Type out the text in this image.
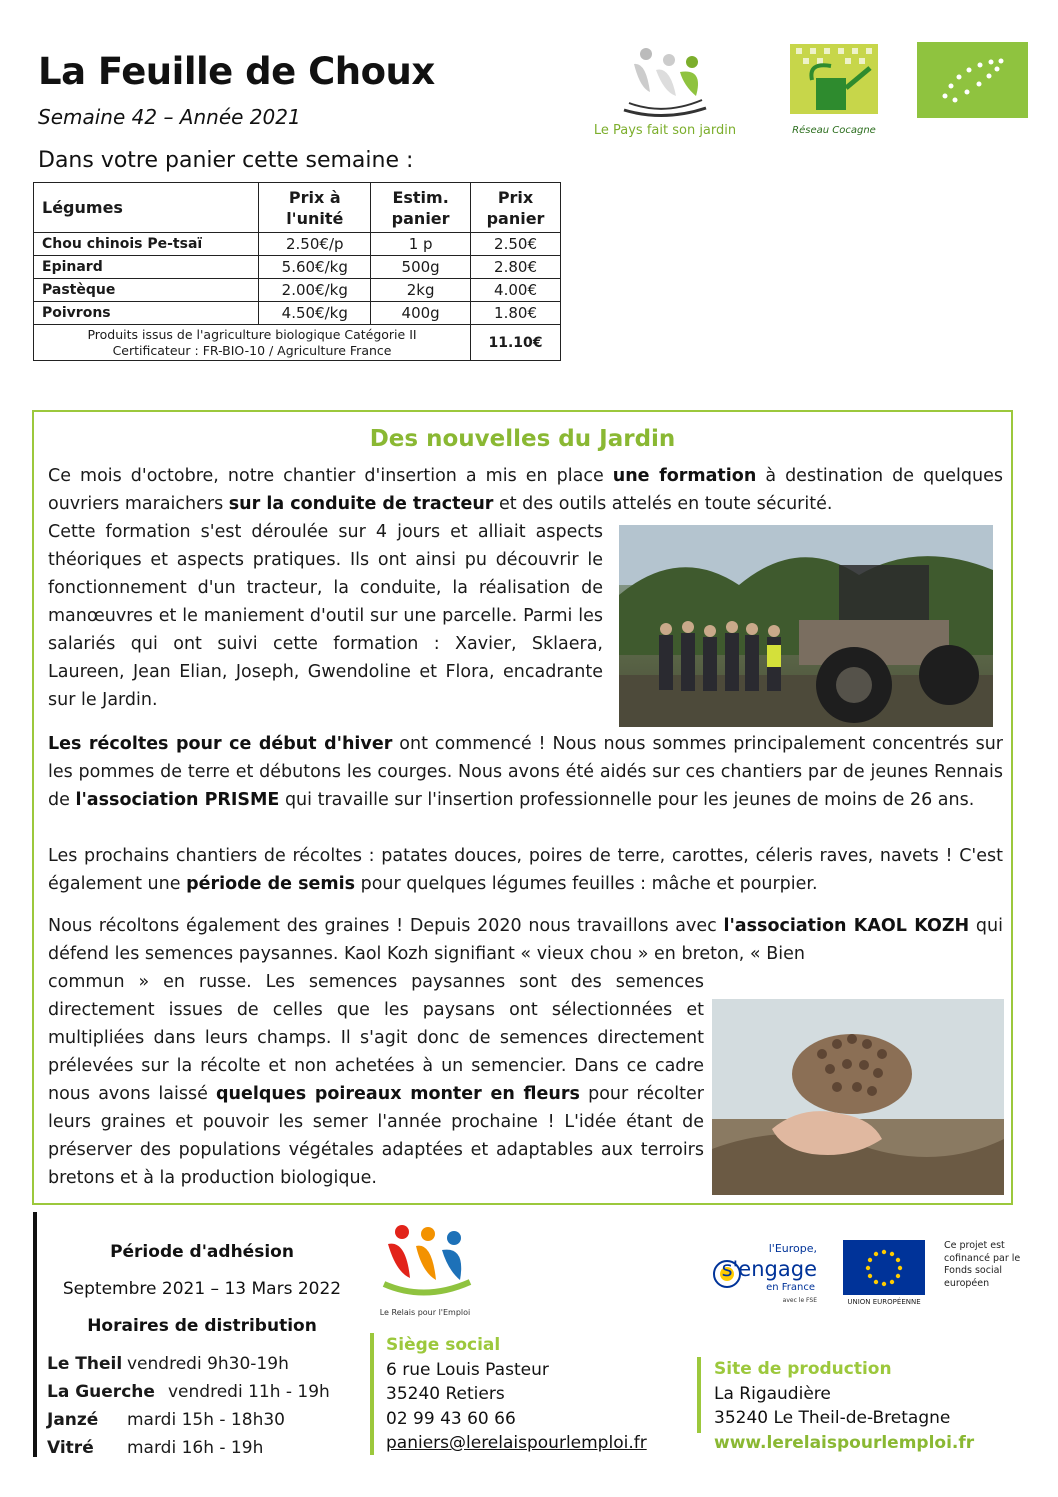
La Feuille de Choux
Semaine 42 – Année 2021
Dans votre panier cette semaine :
Le Pays fait son jardin	Réseau Cocagne
Légumes	Prix à l'unité	Estim. panier	Prix panier
Chou chinois Pe-tsaï	2.50€/p	1 p	2.50€
Epinard	5.60€/kg	500g	2.80€
Pastèque	2.00€/kg	2kg	4.00€
Poivrons	4.50€/kg	400g	1.80€

Produits issus de l'agriculture biologique Catégorie II
Certificateur : FR-BIO-10 / Agriculture France			11.10€
Des nouvelles du Jardin

Ce mois d'octobre, notre chantier d'insertion a mis en place une formation à destination de quelques ouvriers maraichers sur la conduite de tracteur et des outils attelés en toute sécurité.

Cette formation s'est déroulée sur 4 jours et alliait aspects théoriques et aspects pratiques. Ils ont ainsi pu découvrir le fonctionnement d'un tracteur, la conduite, la réalisation de manœuvres et le maniement d'outil sur une parcelle. Parmi les salariés qui ont suivi cette formation : Xavier, Sklaera, Laureen, Jean Elian, Joseph, Gwendoline et Flora, encadrante sur le Jardin.

Les récoltes pour ce début d'hiver ont commencé ! Nous nous sommes principalement concentrés sur les pommes de terre et débutons les courges. Nous avons été aidés sur ces chantiers par de jeunes Rennais de l'association PRISME qui travaille sur l'insertion professionnelle pour les jeunes de moins de 26 ans.

Les prochains chantiers de récoltes : patates douces, poires de terre, carottes, céleris raves, navets ! C'est également une période de semis pour quelques légumes feuilles : mâche et pourpier.

Nous récoltons également des graines ! Depuis 2020 nous travaillons avec l'association KAOL KOZH qui défend les semences paysannes. Kaol Kozh signifiant « vieux chou » en breton, « Bien

commun » en russe. Les semences paysannes sont des semences directement issues de celles que les paysans ont sélectionnées et multipliées dans leurs champs. Il s'agit donc de semences directement prélevées sur la récolte et non achetées à un semencier. Dans ce cadre nous avons laissé quelques poireaux monter en fleurs pour récolter leurs graines et pouvoir les semer l'année prochaine ! L'idée étant de préserver des populations végétales adaptées et adaptables aux terroirs bretons et à la production biologique.

Période d'adhésion
Septembre 2021 – 13 Mars 2022
Horaires de distribution
Le Theil vendredi 9h30-19h
La Guerche vendredi 11h - 19h
Janzé	mardi 15h - 18h30
Vitré	mardi 16h - 19h
Le Relais pour l'Emploi
Siège social
6 rue Louis Pasteur
35240 Retiers
02 99 43 60 66
paniers@lerelaispourlemploi.fr
Site de production
La Rigaudière
35240 Le Theil-de-Bretagne
www.lerelaispourlemploi.fr
l'Europe,
s'engage
en France
avec le FSE	UNION EUROPÉENNE
Ce projet est cofinancé par le Fonds social européen
